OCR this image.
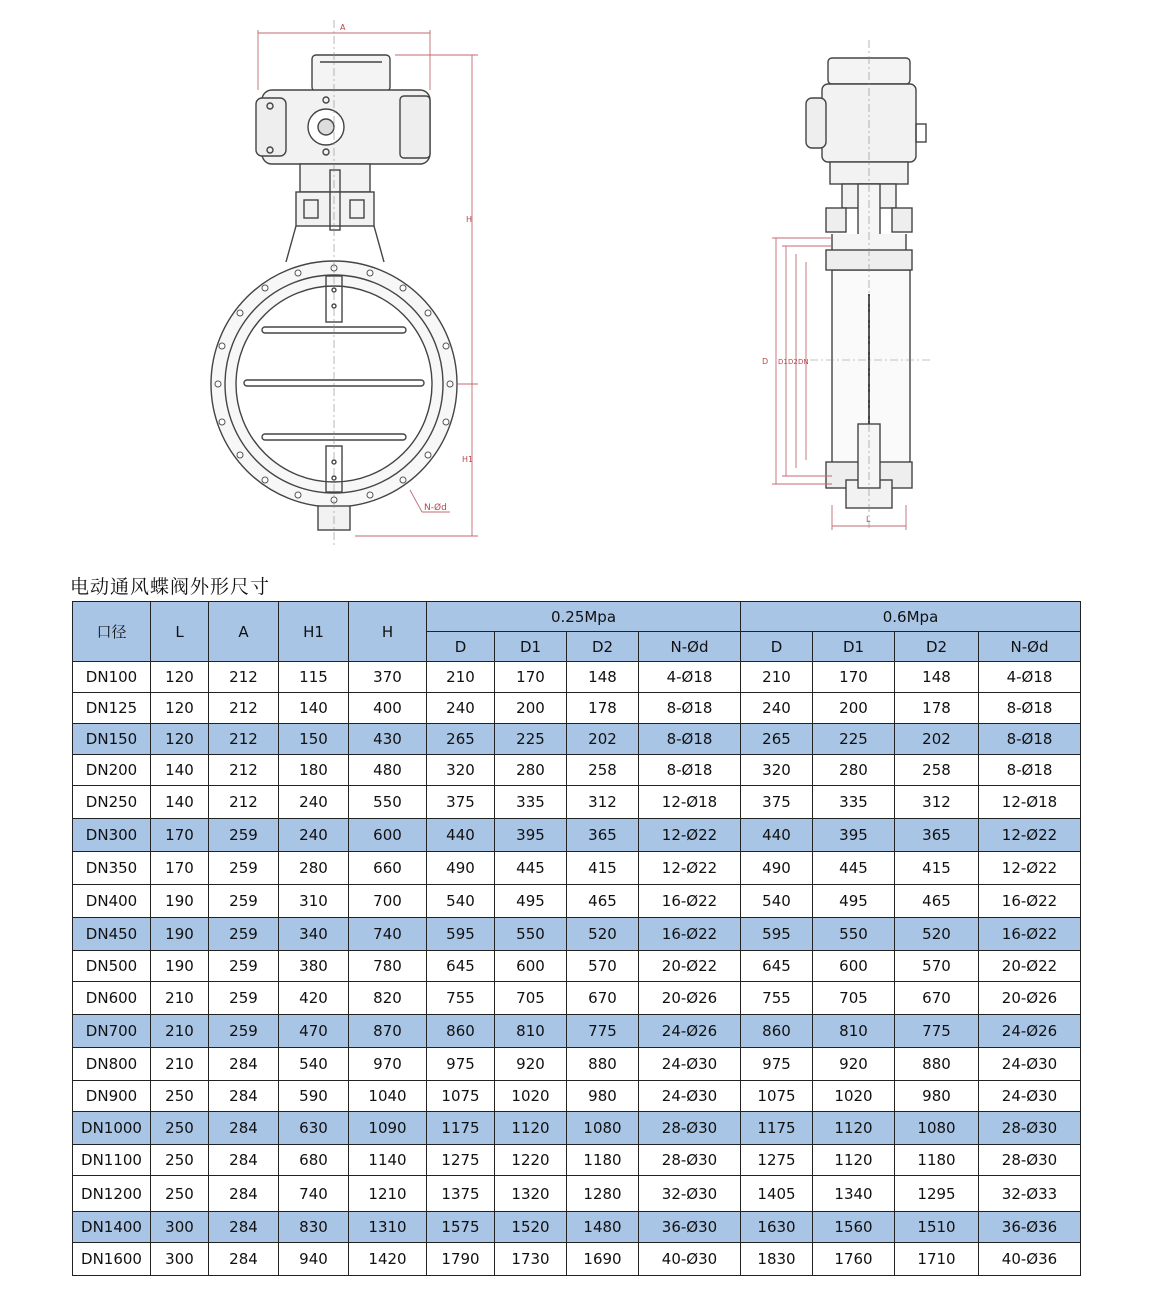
A
H
H1
N-Ød
D D1 D2 DN
L
电动通风蝶阀外形尺寸
口径	L	A	H1	H	0.25Mpa				0.6Mpa			
					D	D1	D2	N-Ød	D	D1	D2	N-Ød
DN100	120	212	115	370	210	170	148	4-Ø18	210	170	148	4-Ø18
DN125	120	212	140	400	240	200	178	8-Ø18	240	200	178	8-Ø18
DN150	120	212	150	430	265	225	202	8-Ø18	265	225	202	8-Ø18
DN200	140	212	180	480	320	280	258	8-Ø18	320	280	258	8-Ø18
DN250	140	212	240	550	375	335	312	12-Ø18	375	335	312	12-Ø18
DN300	170	259	240	600	440	395	365	12-Ø22	440	395	365	12-Ø22
DN350	170	259	280	660	490	445	415	12-Ø22	490	445	415	12-Ø22
DN400	190	259	310	700	540	495	465	16-Ø22	540	495	465	16-Ø22
DN450	190	259	340	740	595	550	520	16-Ø22	595	550	520	16-Ø22
DN500	190	259	380	780	645	600	570	20-Ø22	645	600	570	20-Ø22
DN600	210	259	420	820	755	705	670	20-Ø26	755	705	670	20-Ø26
DN700	210	259	470	870	860	810	775	24-Ø26	860	810	775	24-Ø26
DN800	210	284	540	970	975	920	880	24-Ø30	975	920	880	24-Ø30
DN900	250	284	590	1040	1075	1020	980	24-Ø30	1075	1020	980	24-Ø30
DN1000	250	284	630	1090	1175	1120	1080	28-Ø30	1175	1120	1080	28-Ø30
DN1100	250	284	680	1140	1275	1220	1180	28-Ø30	1275	1120	1180	28-Ø30
DN1200	250	284	740	1210	1375	1320	1280	32-Ø30	1405	1340	1295	32-Ø33
DN1400	300	284	830	1310	1575	1520	1480	36-Ø30	1630	1560	1510	36-Ø36
DN1600	300	284	940	1420	1790	1730	1690	40-Ø30	1830	1760	1710	40-Ø36
